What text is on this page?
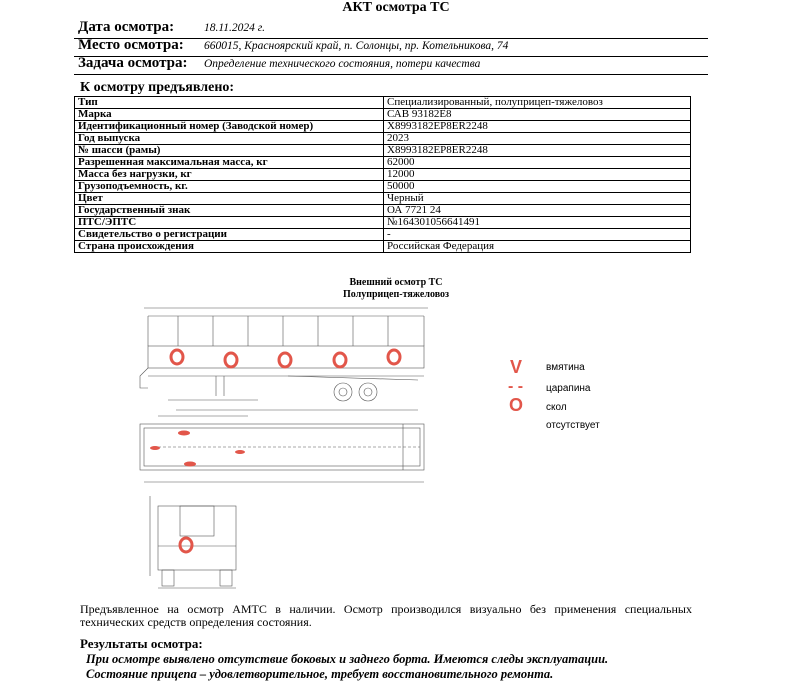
АКТ осмотра ТС
Дата осмотра:	18.11.2024 г.
Место осмотра: 660015, Красноярский край, п. Солонцы, пр. Котельникова, 74
Задача осмотра: Определение технического состояния, потери качества
К осмотру предъявлено:
Тип	Специализированный, полуприцеп-тяжеловоз
Марка	САВ 93182Е8
Идентификационный номер (Заводской номер)	X8993182EP8ER2248
Год выпуска	2023
№ шасси (рамы)	X8993182EP8ER2248
Разрешенная максимальная масса, кг	62000
Масса без нагрузки, кг	12000
Грузоподъемность, кг.	50000
Цвет	Черный
Государственный знак	ОА 7721 24
ПТС/ЭПТС	№164301056641491
Свидетельство о регистрации	-
Страна происхождения	Российская Федерация
Внешний осмотр ТС
Полуприцеп-тяжеловоз
V вмятина
- - царапина
O скол
отсутствует
Предъявленное на осмотр АМТС в наличии. Осмотр производился визуально без применения специальных технических средств определения состояния.
Результаты осмотра:
При осмотре выявлено отсутствие боковых и заднего борта. Имеются следы эксплуатации.
Состояние прицепа – удовлетворительное, требует восстановительного ремонта.
